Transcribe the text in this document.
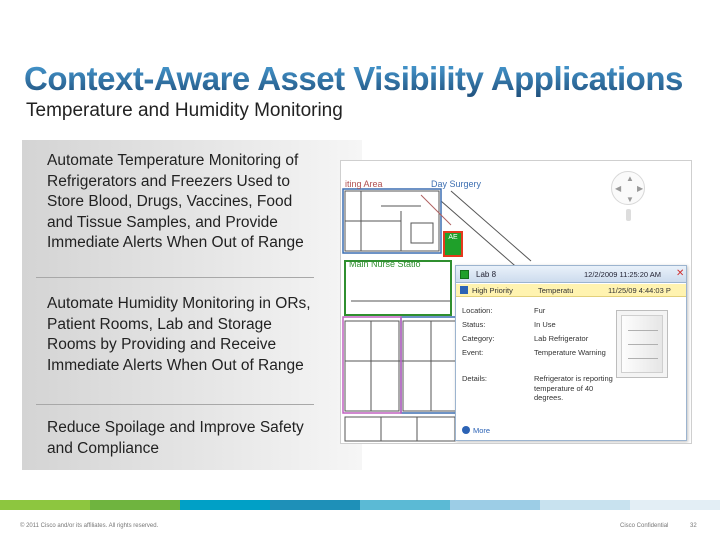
Context-Aware Asset Visibility Applications
Temperature and Humidity Monitoring
Automate Temperature Monitoring of Refrigerators and Freezers Used to Store Blood, Drugs, Vaccines, Food and Tissue Samples, and Provide Immediate Alerts When Out of Range
Automate Humidity Monitoring in ORs, Patient Rooms, Lab and Storage Rooms by Providing and Receive Immediate Alerts When Out of Range
Reduce Spoilage and Improve Safety and Compliance
iting Area	Day Surgery
Main Nurse Statio
▲
▼
◀ ▶
AE
Lab 8	12/2/2009 11:25:20 AM ✕
High Priority	Temperatu	11/25/09 4:44:03 P
Location:	Fur
Status:	In Use
Category:	Lab Refrigerator
Event:	Temperature Warning
Details:	Refrigerator is reporting temperature of 40 degrees.
More
© 2011 Cisco and/or its affiliates. All rights reserved.	Cisco Confidential	32
